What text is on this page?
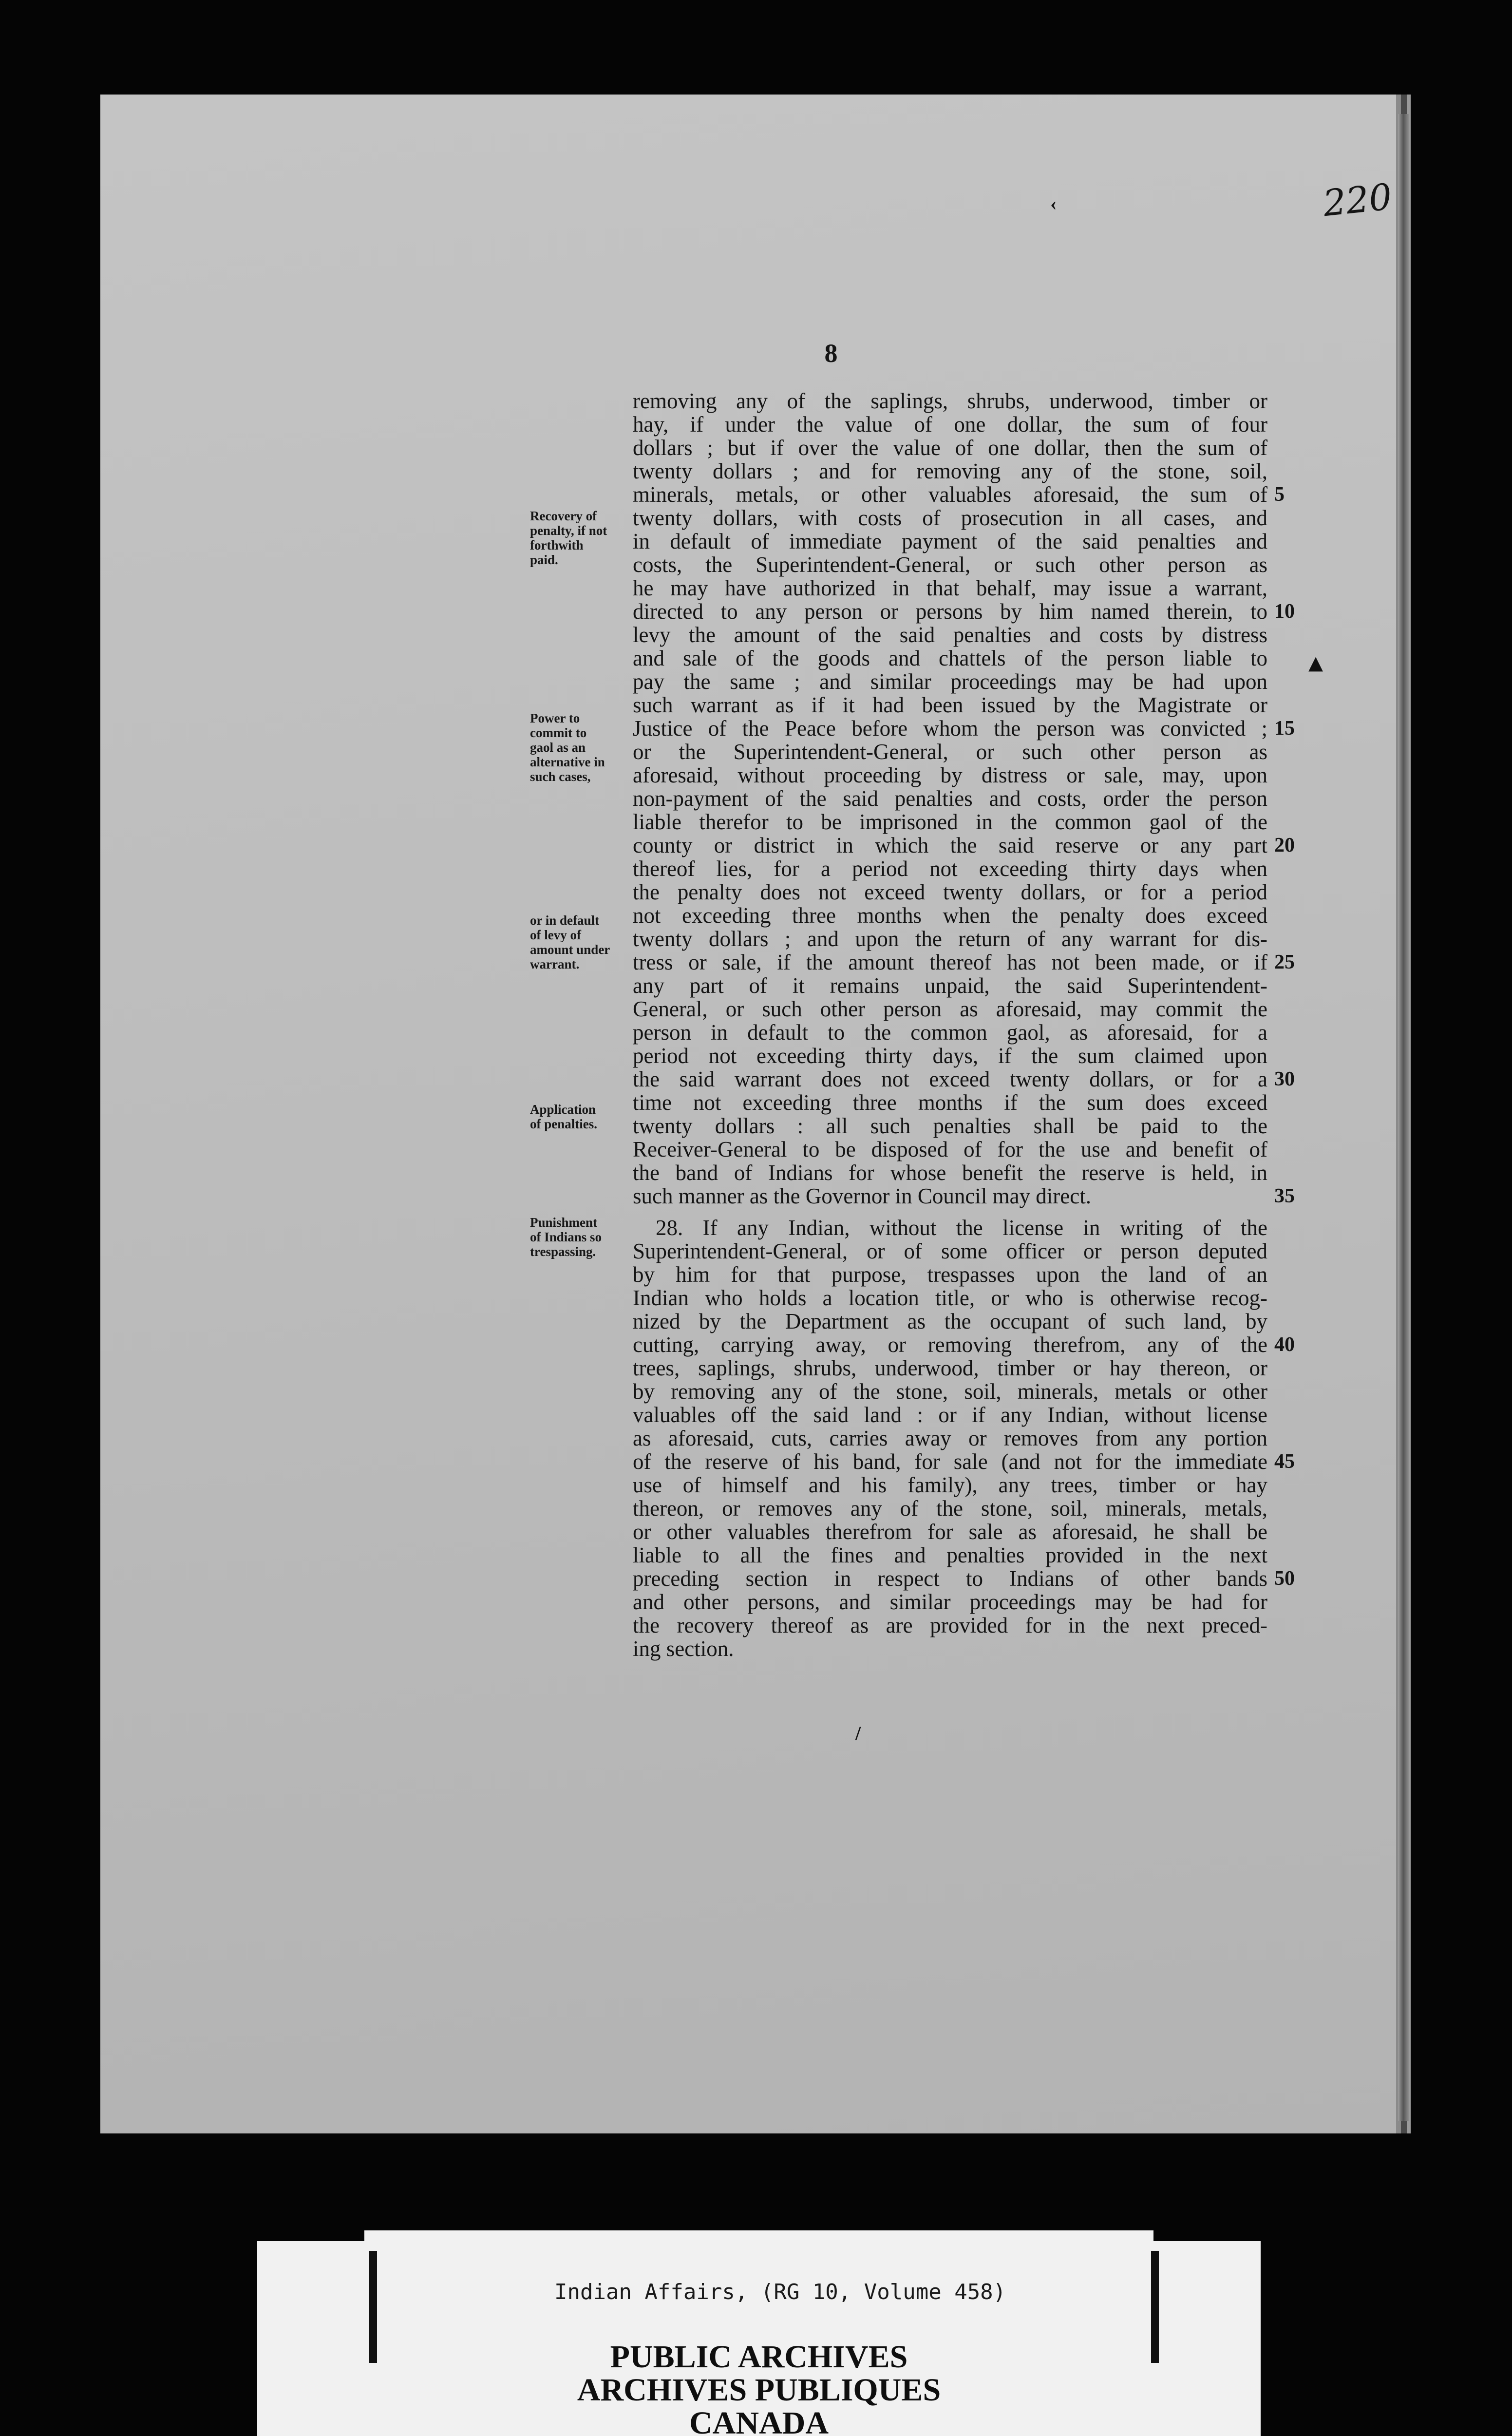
220
8
‹
▴
/
removing any of the saplings, shrubs, underwood, timber or
hay, if under the value of one dollar, the sum of four
dollars ; but if over the value of one dollar, then the sum of
twenty dollars ; and for removing any of the stone, soil,
minerals, metals, or other valuables aforesaid, the sum of
twenty dollars, with costs of prosecution in all cases, and
in default of immediate payment of the said penalties and
costs, the Superintendent-General, or such other person as
he may have authorized in that behalf, may issue a warrant,
directed to any person or persons by him named therein, to
levy the amount of the said penalties and costs by distress
and sale of the goods and chattels of the person liable to
pay the same ; and similar proceedings may be had upon
such warrant as if it had been issued by the Magistrate or
Justice of the Peace before whom the person was convicted ;
or the Superintendent-General, or such other person as
aforesaid, without proceeding by distress or sale, may, upon
non-payment of the said penalties and costs, order the person
liable therefor to be imprisoned in the common gaol of the
county or district in which the said reserve or any part
thereof lies, for a period not exceeding thirty days when
the penalty does not exceed twenty dollars, or for a period
not exceeding three months when the penalty does exceed
twenty dollars ; and upon the return of any warrant for dis-
tress or sale, if the amount thereof has not been made, or if
any part of it remains unpaid, the said Superintendent-
General, or such other person as aforesaid, may commit the
person in default to the common gaol, as aforesaid, for a
period not exceeding thirty days, if the sum claimed upon
the said warrant does not exceed twenty dollars, or for a
time not exceeding three months if the sum does exceed
twenty dollars : all such penalties shall be paid to the
Receiver-General to be disposed of for the use and benefit of
the band of Indians for whose benefit the reserve is held, in
such manner as the Governor in Council may direct.
28. If any Indian, without the license in writing of the
Superintendent-General, or of some officer or person deputed
by him for that purpose, trespasses upon the land of an
Indian who holds a location title, or who is otherwise recog-
nized by the Department as the occupant of such land, by
cutting, carrying away, or removing therefrom, any of the
trees, saplings, shrubs, underwood, timber or hay thereon, or
by removing any of the stone, soil, minerals, metals or other
valuables off the said land : or if any Indian, without license
as aforesaid, cuts, carries away or removes from any portion
of the reserve of his band, for sale (and not for the immediate
use of himself and his family), any trees, timber or hay
thereon, or removes any of the stone, soil, minerals, metals,
or other valuables therefrom for sale as aforesaid, he shall be
liable to all the fines and penalties provided in the next
preceding section in respect to Indians of other bands
and other persons, and similar proceedings may be had for
the recovery thereof as are provided for in the next preced-
ing section.
5
10
15
20
25
30
35
40
45
50
Recovery of
penalty, if not
forthwith
paid.
Power to
commit to
gaol as an
alternative in
such cases,
or in default
of levy of
amount under
warrant.
Application
of penalties.
Punishment
of Indians so
trespassing.
Indian Affairs, (RG 10, Volume 458)
PUBLIC ARCHIVES
ARCHIVES PUBLIQUES
CANADA
